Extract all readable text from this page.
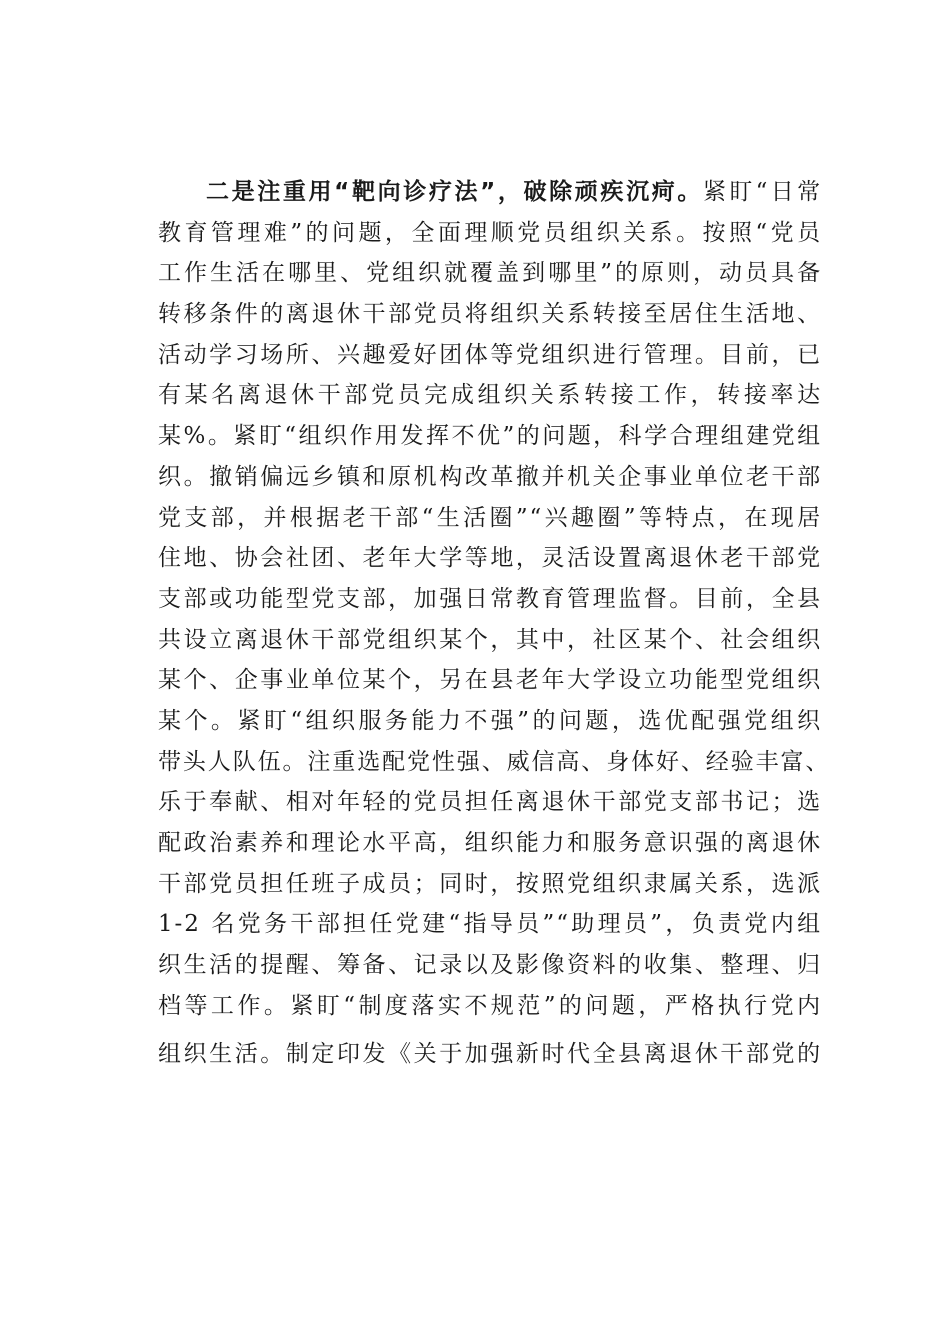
二是注重用“靶向诊疗法”，破除顽疾沉疴。紧盯“日常
教育管理难”的问题，全面理顺党员组织关系。按照“党员
工作生活在哪里、党组织就覆盖到哪里”的原则，动员具备
转移条件的离退休干部党员将组织关系转接至居住生活地、
活动学习场所、兴趣爱好团体等党组织进行管理。目前，已
有某名离退休干部党员完成组织关系转接工作，转接率达
某%。紧盯“组织作用发挥不优”的问题，科学合理组建党组
织。撤销偏远乡镇和原机构改革撤并机关企事业单位老干部
党支部，并根据老干部“生活圈”“兴趣圈”等特点，在现居
住地、协会社团、老年大学等地，灵活设置离退休老干部党
支部或功能型党支部，加强日常教育管理监督。目前，全县
共设立离退休干部党组织某个，其中，社区某个、社会组织
某个、企事业单位某个，另在县老年大学设立功能型党组织
某个。紧盯“组织服务能力不强”的问题，选优配强党组织
带头人队伍。注重选配党性强、威信高、身体好、经验丰富、
乐于奉献、相对年轻的党员担任离退休干部党支部书记；选
配政治素养和理论水平高，组织能力和服务意识强的离退休
干部党员担任班子成员；同时，按照党组织隶属关系，选派
1-2 名党务干部担任党建“指导员”“助理员”，负责党内组
织生活的提醒、筹备、记录以及影像资料的收集、整理、归
档等工作。紧盯“制度落实不规范”的问题，严格执行党内
组织生活。制定印发《关于加强新时代全县离退休干部党的
